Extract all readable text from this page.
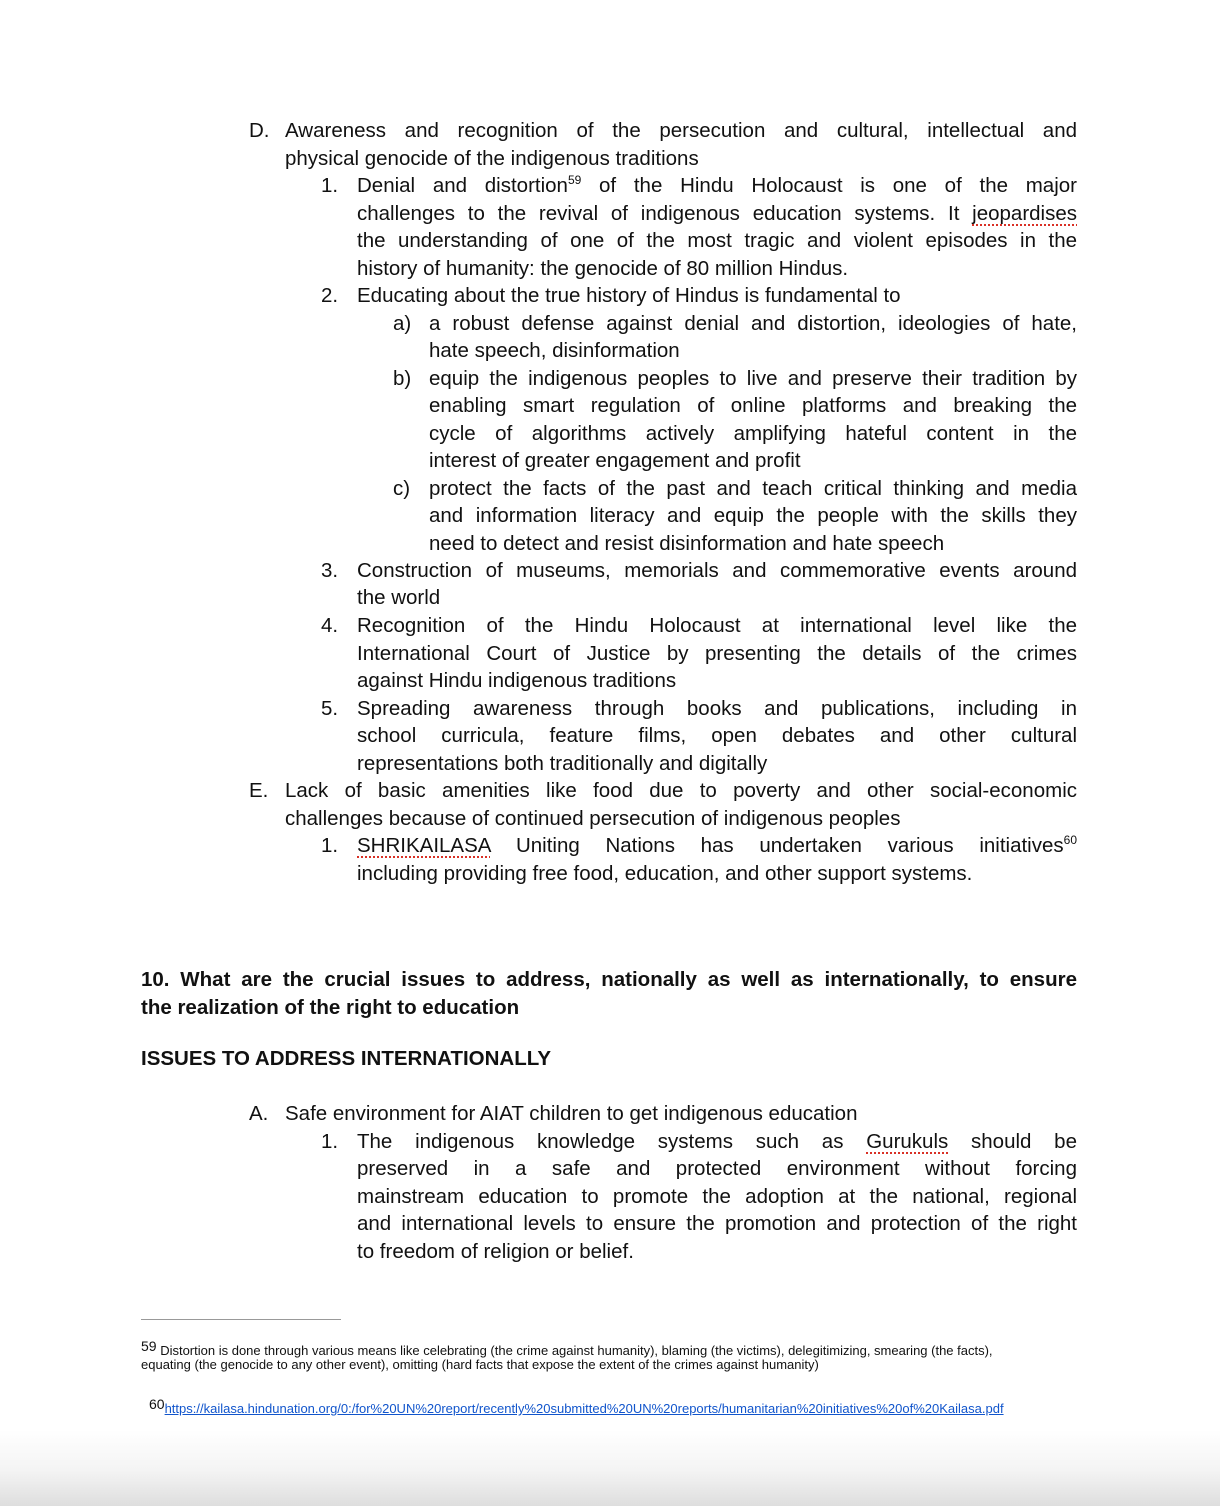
D. Awareness and recognition of the persecution and cultural, intellectual and
physical genocide of the indigenous traditions
1. Denial and distortion$^{59}$ of the Hindu Holocaust is one of the major
challenges to the revival of indigenous education systems. It jeopardises
the understanding of one of the most tragic and violent episodes in the
history of humanity: the genocide of 80 million Hindus.
2. Educating about the true history of Hindus is fundamental to
a) a robust defense against denial and distortion, ideologies of hate,
hate speech, disinformation
b) equip the indigenous peoples to live and preserve their tradition by
enabling smart regulation of online platforms and breaking the
cycle of algorithms actively amplifying hateful content in the
interest of greater engagement and profit
c) protect the facts of the past and teach critical thinking and media
and information literacy and equip the people with the skills they
need to detect and resist disinformation and hate speech
3. Construction of museums, memorials and commemorative events around
the world
4. Recognition of the Hindu Holocaust at international level like the
International Court of Justice by presenting the details of the crimes
against Hindu indigenous traditions
5. Spreading awareness through books and publications, including in
school curricula, feature films, open debates and other cultural
representations both traditionally and digitally
E. Lack of basic amenities like food due to poverty and other social-economic
challenges because of continued persecution of indigenous peoples
1. SHRIKAILASA Uniting Nations has undertaken various initiatives$^{60}$
including providing free food, education, and other support systems.
10. What are the crucial issues to address, nationally as well as internationally, to ensure
the realization of the right to education
ISSUES TO ADDRESS INTERNATIONALLY
A. Safe environment for AIAT children to get indigenous education
1. The indigenous knowledge systems such as Gurukuls should be
preserved in a safe and protected environment without forcing
mainstream education to promote the adoption at the national, regional
and international levels to ensure the promotion and protection of the right
to freedom of religion or belief.
59 Distortion is done through various means like celebrating (the crime against humanity), blaming (the victims), delegitimizing, smearing (the facts),
equating (the genocide to any other event), omitting (hard facts that expose the extent of the crimes against humanity)
60https://kailasa.hindunation.org/0:/for%20UN%20report/recently%20submitted%20UN%20reports/humanitarian%20initiatives%20of%20Kailasa.pdf
